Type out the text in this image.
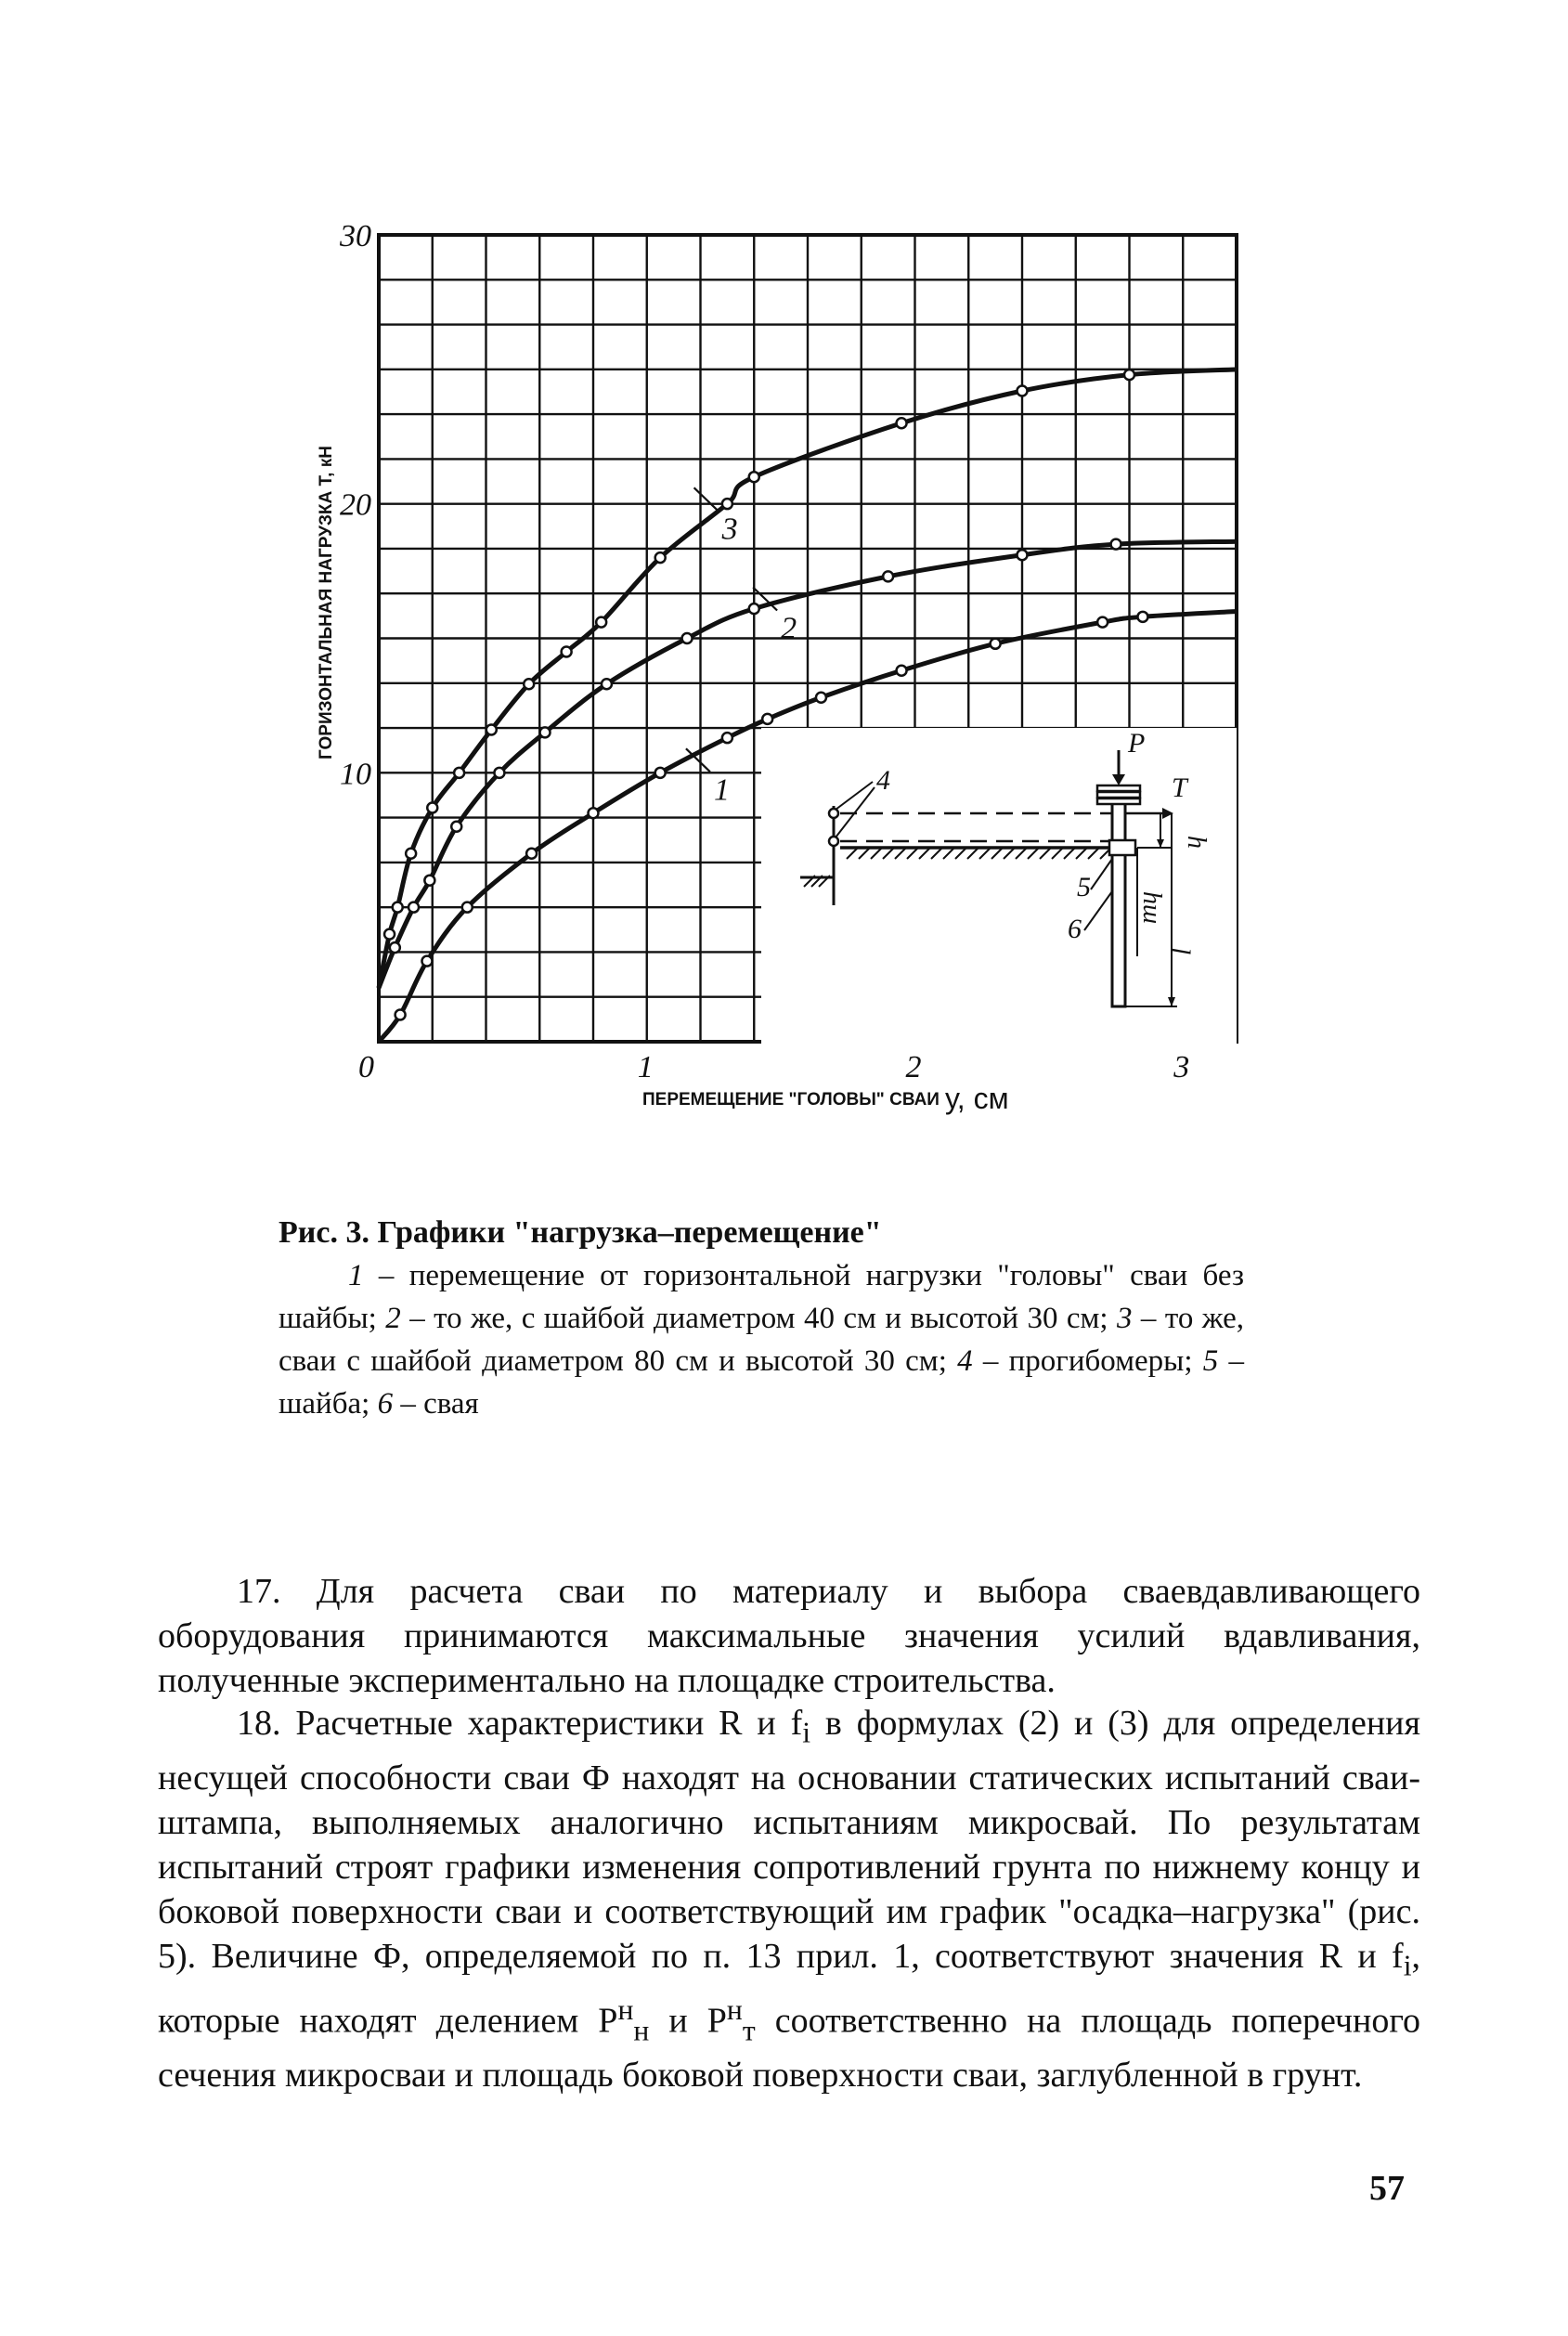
1
2
3
4
5
6
P
T
h
hш
l
0	1	2	3
10
20
30
ПЕРЕМЕЩЕНИЕ "ГОЛОВЫ" СВАИ у, см
ГОРИЗОНТАЛЬНАЯ НАГРУЗКА Т, кН
Рис. 3. Графики "нагрузка–перемещение"
1 – перемещение от горизонтальной нагрузки "головы" сваи без шайбы; 2 – то же, с шайбой диаметром 40 см и высотой 30 см; 3 – то же, сваи с шайбой диаметром 80 см и высотой 30 см; 4 – прогибомеры; 5 – шайба; 6 – свая

17. Для расчета сваи по материалу и выбора сваевдавливающего оборудования принимаются максимальные значения усилий вдавливания, полученные экспериментально на площадке строительства.

18. Расчетные характеристики R и $f_i$ в формулах (2) и (3) для определения несущей способности сваи Ф находят на основании статических испытаний сваи-штампа, выполняемых аналогично испытаниям микросвай. По результатам испытаний строят графики изменения сопротивлений грунта по нижнему концу и боковой поверхности сваи и соответствующий им график "осадка–нагрузка" (рис. 5). Величине Ф, определяемой по п. 13 прил. 1, соответствуют значения R и $f_i$, которые находят делением $P^н_н$ и $P^н_т$ соответственно на площадь поперечного сечения микросваи и площадь боковой поверхности сваи, заглубленной в грунт.

57
